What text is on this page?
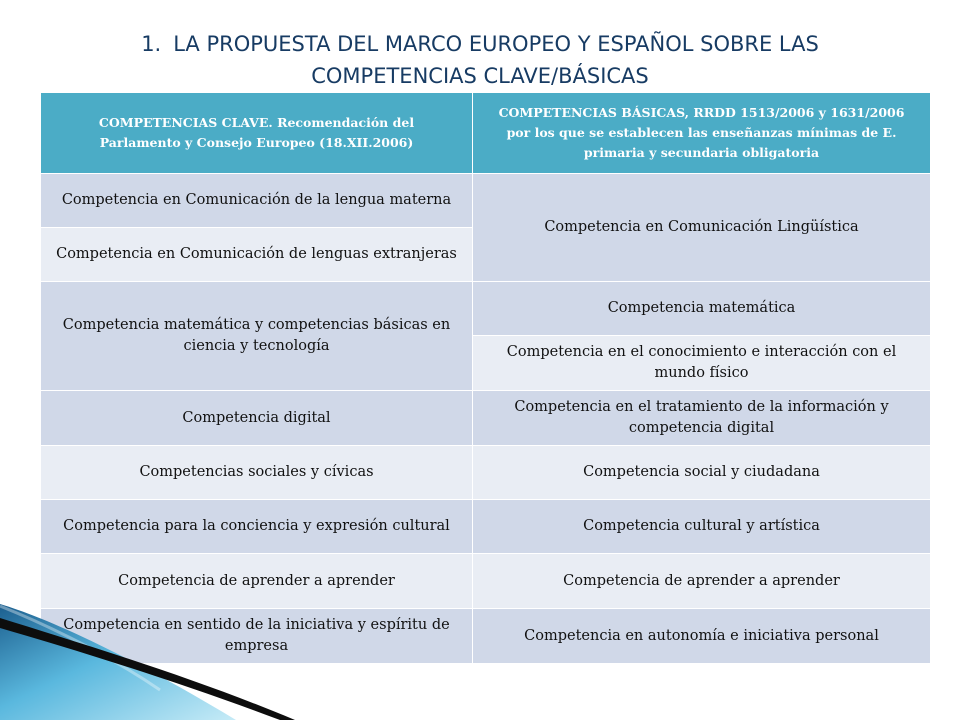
1. LA PROPUESTA DEL MARCO EUROPEO Y ESPAÑOL SOBRE LAS
COMPETENCIAS CLAVE/BÁSICAS
COMPETENCIAS CLAVE. Recomendación del Parlamento y Consejo Europeo (18.XII.2006)	COMPETENCIAS BÁSICAS, RRDD 1513/2006 y 1631/2006 por los que se establecen las enseñanzas mínimas de E. primaria y secundaria obligatoria
Competencia en Comunicación de la lengua materna	Competencia en Comunicación Lingüística
Competencia en Comunicación de lenguas extranjeras	
Competencia matemática y competencias básicas en ciencia y tecnología	Competencia matemática
	Competencia en el conocimiento e interacción con el mundo físico
Competencia digital	Competencia en el tratamiento de la información y competencia digital
Competencias sociales y cívicas	Competencia social y ciudadana
Competencia para la conciencia y expresión cultural	Competencia cultural y artística
Competencia de aprender a aprender	Competencia de aprender a aprender
Competencia en sentido de la iniciativa y espíritu de empresa	Competencia en autonomía e iniciativa personal
